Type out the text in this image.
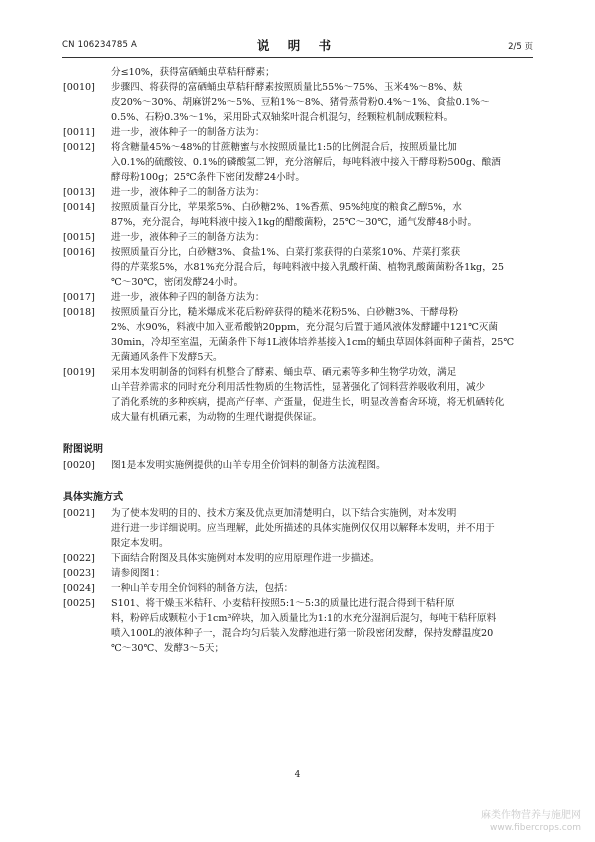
CN 106234785 A	说 明 书	2/5 页
分≤10%，获得富硒蛹虫草秸秆酵素；
[0010] 步骤四、将获得的富硒蛹虫草秸秆酵素按照质量比55%～75%、玉米4%～8%、麸
皮20%～30%、胡麻饼2%～5%、豆粕1%～8%、猪骨蒸骨粉0.4%～1%、食盐0.1%～
0.5%、石粉0.3%～1%，采用卧式双轴桨叶混合机混匀，经颗粒机制成颗粒料。
[0011] 进一步，液体种子一的制备方法为：
[0012] 将含糖量45%～48%的甘蔗糖蜜与水按照质量比1:5的比例混合后，按照质量比加
入0.1%的硫酸铵、0.1%的磷酸氢二钾，充分溶解后，每吨料液中接入干酵母粉500g、酿酒
酵母粉100g；25℃条件下密闭发酵24小时。
[0013] 进一步，液体种子二的制备方法为：
[0014] 按照质量百分比，苹果浆5%、白砂糖2%、1%香蕉、95%纯度的粮食乙醇5%，水
87%，充分混合，每吨料液中接入1kg的醋酸菌粉，25℃～30℃，通气发酵48小时。
[0015] 进一步，液体种子三的制备方法为：
[0016] 按照质量百分比，白砂糖3%、食盐1%、白菜打浆获得的白菜浆10%、芹菜打浆获
得的芹菜浆5%，水81%充分混合后，每吨料液中接入乳酸杆菌、植物乳酸菌菌粉各1kg，25
℃～30℃，密闭发酵24小时。
[0017] 进一步，液体种子四的制备方法为：
[0018] 按照质量百分比，糙米爆成米花后粉碎获得的糙米花粉5%、白砂糖3%、干酵母粉
2%、水90%，料液中加入亚希酸钠20ppm，充分混匀后置于通风液体发酵罐中121℃灭菌
30min，冷却至室温，无菌条件下每1L液体培养基接入1cm的蛹虫草固体斜面种子菌苔，25℃
无菌通风条件下发酵5天。
[0019] 采用本发明制备的饲料有机整合了酵素、蛹虫草、硒元素等多种生物学功效，满足
山羊营养需求的同时充分利用活性物质的生物活性，显著强化了饲料营养吸收利用，减少
了消化系统的多种疾病，提高产仔率、产蛋量，促进生长，明显改善畜舍环境，将无机硒转化
成大量有机硒元素，为动物的生理代谢提供保证。
附图说明
[0020] 图1是本发明实施例提供的山羊专用全价饲料的制备方法流程图。
具体实施方式
[0021] 为了使本发明的目的、技术方案及优点更加清楚明白，以下结合实施例，对本发明
进行进一步详细说明。应当理解，此处所描述的具体实施例仅仅用以解释本发明，并不用于
限定本发明。
[0022] 下面结合附图及具体实施例对本发明的应用原理作进一步描述。
[0023] 请参阅图1：
[0024] 一种山羊专用全价饲料的制备方法，包括：
[0025] S101、将干燥玉米秸秆、小麦秸秆按照5:1～5:3的质量比进行混合得到干秸秆原
料，粉碎后成颗粒小于1cm³碎块，加入质量比为1:1的水充分湿润后混匀，每吨干秸秆原料
喷入100L的液体种子一，混合均匀后装入发酵池进行第一阶段密闭发酵，保持发酵温度20
℃～30℃、发酵3～5天；
4
麻类作物营养与施肥网
www.fibercrops.com
